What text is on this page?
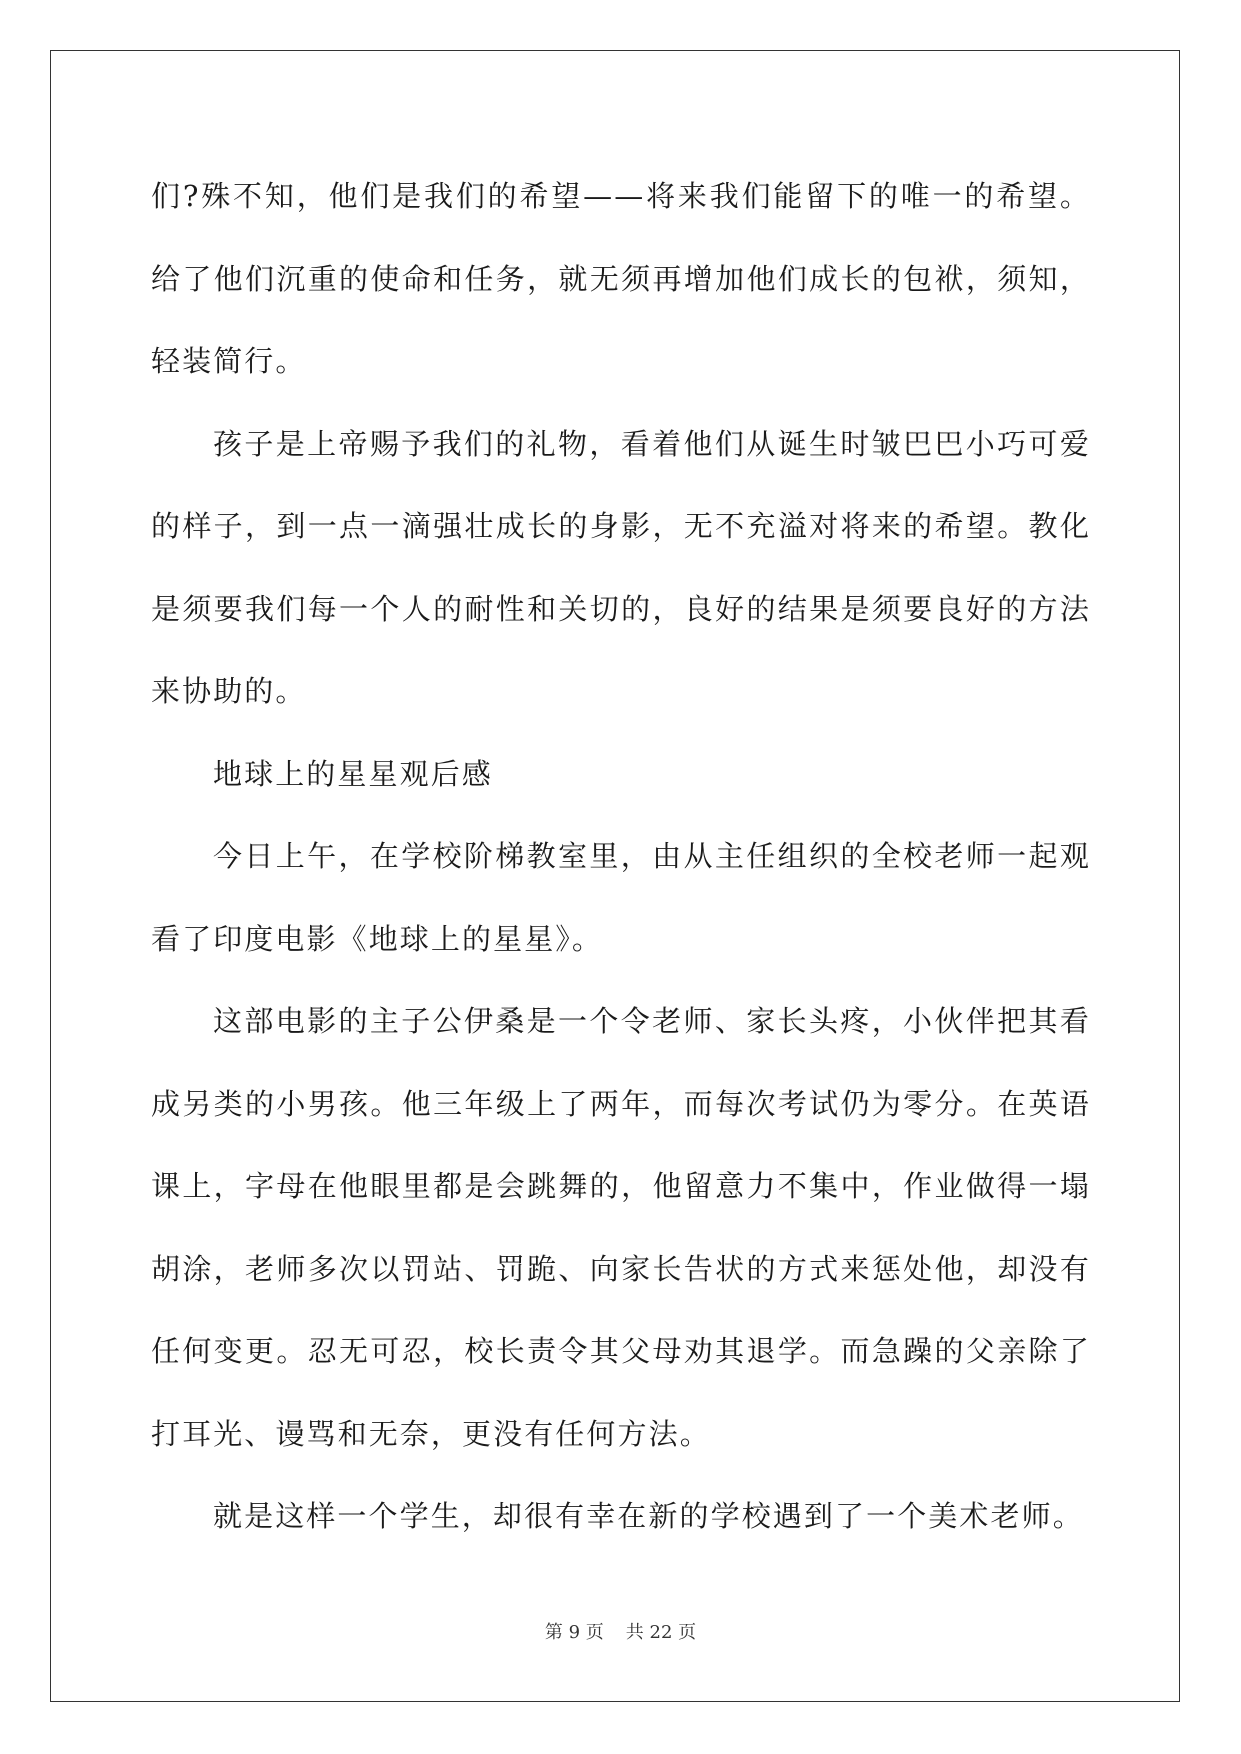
们?殊不知，他们是我们的希望——将来我们能留下的唯一的希望。给了他们沉重的使命和任务，就无须再增加他们成长的包袱，须知，轻装简行。

孩子是上帝赐予我们的礼物，看着他们从诞生时皱巴巴小巧可爱的样子，到一点一滴强壮成长的身影，无不充溢对将来的希望。教化是须要我们每一个人的耐性和关切的，良好的结果是须要良好的方法来协助的。

地球上的星星观后感

今日上午，在学校阶梯教室里，由从主任组织的全校老师一起观看了印度电影《地球上的星星》。

这部电影的主子公伊桑是一个令老师、家长头疼，小伙伴把其看成另类的小男孩。他三年级上了两年，而每次考试仍为零分。在英语课上，字母在他眼里都是会跳舞的，他留意力不集中，作业做得一塌胡涂，老师多次以罚站、罚跪、向家长告状的方式来惩处他，却没有任何变更。忍无可忍，校长责令其父母劝其退学。而急躁的父亲除了打耳光、谩骂和无奈，更没有任何方法。

就是这样一个学生，却很有幸在新的学校遇到了一个美术老师。

第 9 页 共 22 页
